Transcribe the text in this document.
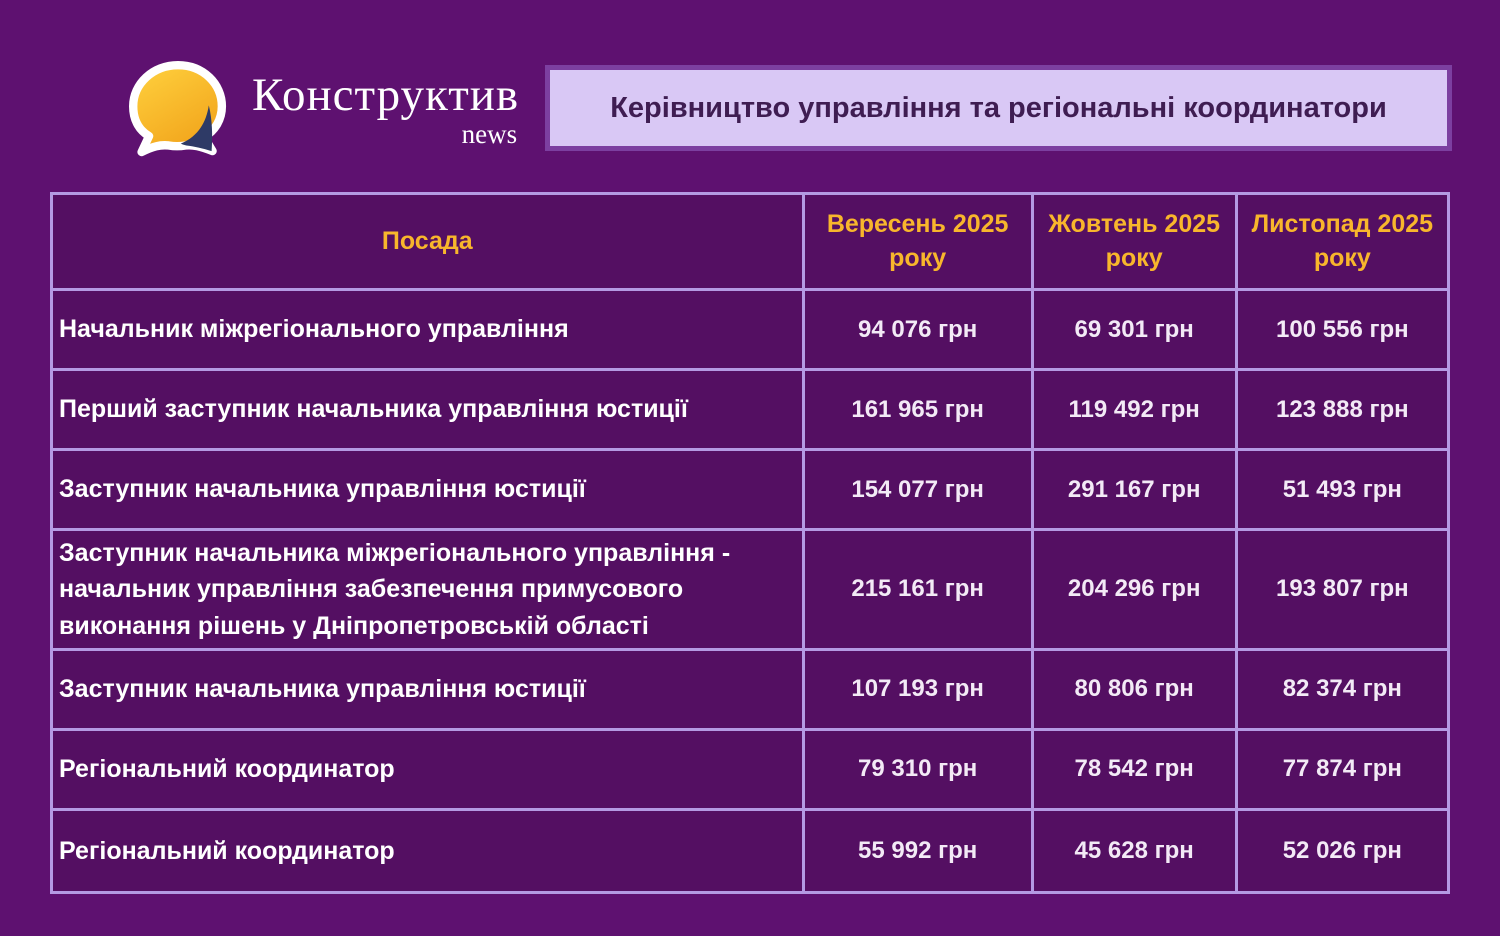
Конструктив
news
Керівництво управління та регіональні координатори
Посада	Вересень 2025 року	Жовтень 2025 року	Листопад 2025 року
Начальник міжрегіонального управління	94 076 грн	69 301 грн	100 556 грн
Перший заступник начальника управління юстиції	161 965 грн	119 492 грн	123 888 грн
Заступник начальника управління юстиції	154 077 грн	291 167 грн	51 493 грн
Заступник начальника міжрегіонального управління - начальник управління забезпечення примусового виконання рішень у Дніпропетровській області	215 161 грн	204 296 грн	193 807 грн
Заступник начальника управління юстиції	107 193 грн	80 806 грн	82 374 грн
Регіональний координатор	79 310 грн	78 542 грн	77 874 грн
Регіональний координатор	55 992 грн	45 628 грн	52 026 грн
